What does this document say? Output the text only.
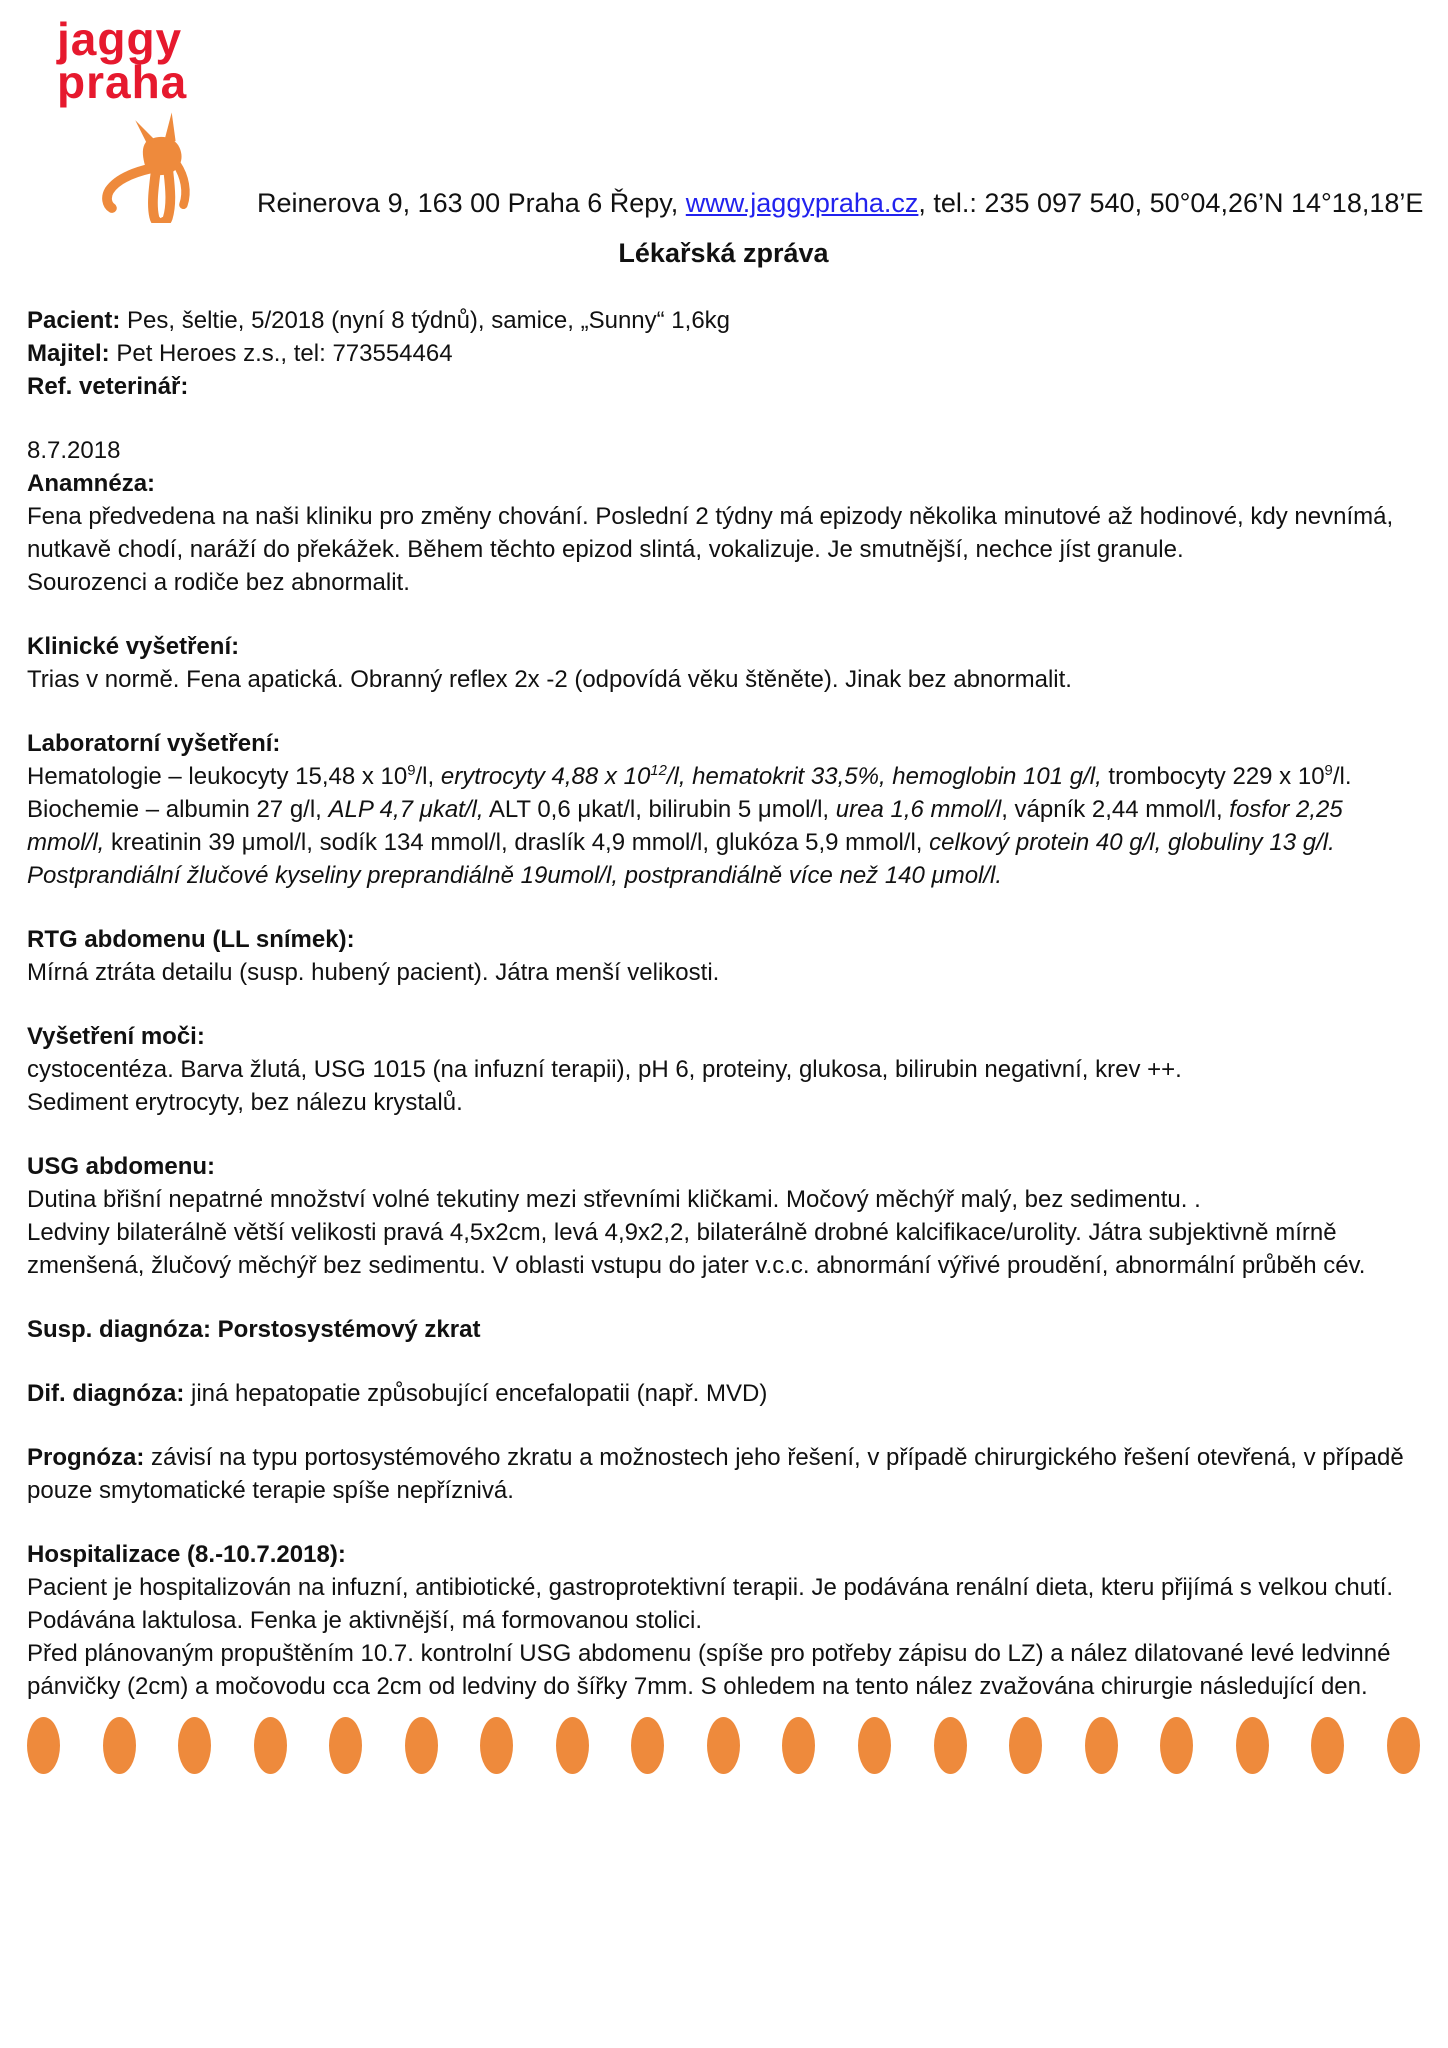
jaggy
praha

Reinerova 9, 163 00 Praha 6 Řepy, www.jaggypraha.cz, tel.: 235 097 540, 50°04,26’N 14°18,18’E

Lékařská zpráva
Pacient: Pes, šeltie, 5/2018 (nyní 8 týdnů), samice, „Sunny“ 1,6kg
Majitel: Pet Heroes z.s., tel: 773554464
Ref. veterinář:
8.7.2018
Anamnéza:
Fena předvedena na naši kliniku pro změny chování. Poslední 2 týdny má epizody několika minutové až hodinové, kdy nevnímá, nutkavě chodí, naráží do překážek. Během těchto epizod slintá, vokalizuje. Je smutnější, nechce jíst granule.
Sourozenci a rodiče bez abnormalit.
Klinické vyšetření:
Trias v normě. Fena apatická. Obranný reflex 2x -2 (odpovídá věku štěněte). Jinak bez abnormalit.
Laboratorní vyšetření:
Hematologie – leukocyty 15,48 x $10^9/l$, erytrocyty 4,88 x $10^{12}/l$, hematokrit 33,5%, hemoglobin 101 g/l, trombocyty 229 x $10^9/l$.
Biochemie – albumin 27 g/l, ALP 4,7 μkat/l, ALT 0,6 μkat/l, bilirubin 5 μmol/l, urea 1,6 mmol/l, vápník 2,44 mmol/l, fosfor 2,25 mmol/l, kreatinin 39 μmol/l, sodík 134 mmol/l, draslík 4,9 mmol/l, glukóza 5,9 mmol/l, celkový protein 40 g/l, globuliny 13 g/l.
Postprandiální žlučové kyseliny preprandiálně 19umol/l, postprandiálně více než 140 μmol/l.
RTG abdomenu (LL snímek):
Mírná ztráta detailu (susp. hubený pacient). Játra menší velikosti.
Vyšetření moči:
cystocentéza. Barva žlutá, USG 1015 (na infuzní terapii), pH 6, proteiny, glukosa, bilirubin negativní, krev ++.
Sediment erytrocyty, bez nálezu krystalů.
USG abdomenu:
Dutina břišní nepatrné množství volné tekutiny mezi střevními kličkami. Močový měchýř malý, bez sedimentu. .
Ledviny bilaterálně větší velikosti pravá 4,5x2cm, levá 4,9x2,2, bilaterálně drobné kalcifikace/urolity. Játra subjektivně mírně zmenšená, žlučový měchýř bez sedimentu. V oblasti vstupu do jater v.c.c. abnormání výřivé proudění, abnormální průběh cév.
Susp. diagnóza: Porstosystémový zkrat
Dif. diagnóza: jiná hepatopatie způsobující encefalopatii (např. MVD)
Prognóza: závisí na typu portosystémového zkratu a možnostech jeho řešení, v případě chirurgického řešení otevřená, v případě pouze smytomatické terapie spíše nepříznivá.
Hospitalizace (8.-10.7.2018):
Pacient je hospitalizován na infuzní, antibiotické, gastroprotektivní terapii. Je podávána renální dieta, kteru přijímá s velkou chutí. Podávána laktulosa. Fenka je aktivnější, má formovanou stolici.
Před plánovaným propuštěním 10.7. kontrolní USG abdomenu (spíše pro potřeby zápisu do LZ) a nález dilatované levé ledvinné pánvičky (2cm) a močovodu cca 2cm od ledviny do šířky 7mm. S ohledem na tento nález zvažována chirurgie následující den.
